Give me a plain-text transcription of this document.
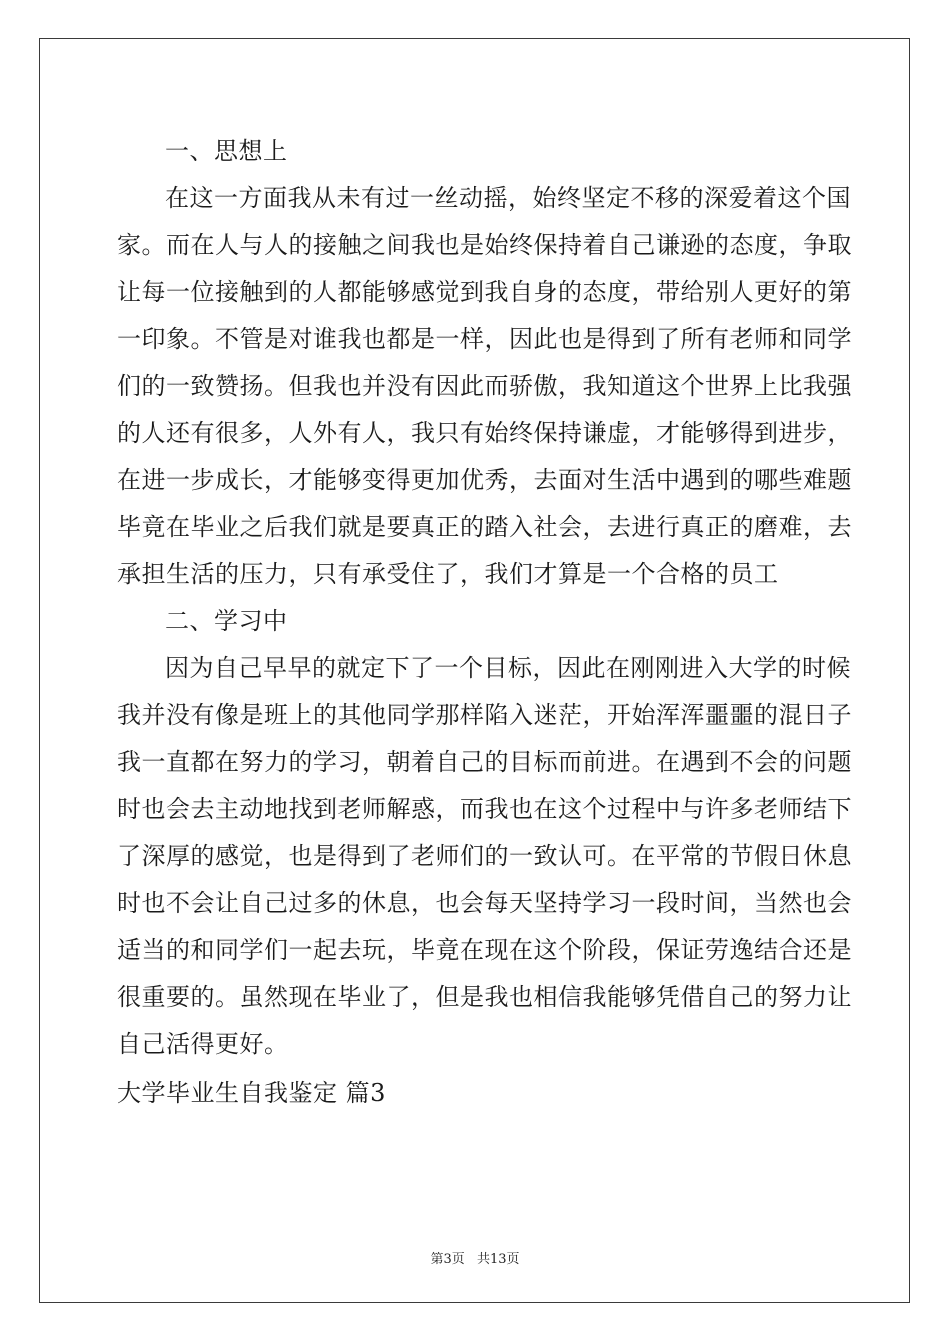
一、思想上
在这一方面我从未有过一丝动摇，始终坚定不移的深爱着这个国
家。而在人与人的接触之间我也是始终保持着自己谦逊的态度，争取
让每一位接触到的人都能够感觉到我自身的态度，带给别人更好的第
一印象。不管是对谁我也都是一样，因此也是得到了所有老师和同学
们的一致赞扬。但我也并没有因此而骄傲，我知道这个世界上比我强
的人还有很多，人外有人，我只有始终保持谦虚，才能够得到进步，
在进一步成长，才能够变得更加优秀，去面对生活中遇到的哪些难题
毕竟在毕业之后我们就是要真正的踏入社会，去进行真正的磨难，去
承担生活的压力，只有承受住了，我们才算是一个合格的员工
二、学习中
因为自己早早的就定下了一个目标，因此在刚刚进入大学的时候
我并没有像是班上的其他同学那样陷入迷茫，开始浑浑噩噩的混日子
我一直都在努力的学习，朝着自己的目标而前进。在遇到不会的问题
时也会去主动地找到老师解惑，而我也在这个过程中与许多老师结下
了深厚的感觉，也是得到了老师们的一致认可。在平常的节假日休息
时也不会让自己过多的休息，也会每天坚持学习一段时间，当然也会
适当的和同学们一起去玩，毕竟在现在这个阶段，保证劳逸结合还是
很重要的。虽然现在毕业了，但是我也相信我能够凭借自己的努力让
自己活得更好。
大学毕业生自我鉴定 篇3
第3页 共13页
